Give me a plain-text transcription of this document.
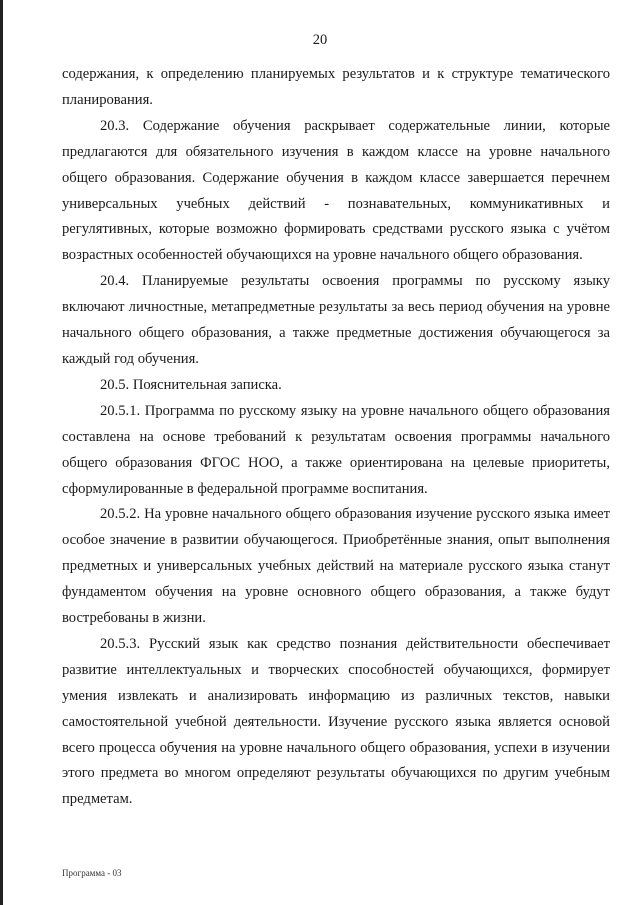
20

содержания, к определению планируемых результатов и к структуре тематического планирования.

20.3. Содержание обучения раскрывает содержательные линии, которые предлагаются для обязательного изучения в каждом классе на уровне начального общего образования. Содержание обучения в каждом классе завершается перечнем универсальных учебных действий - познавательных, коммуникативных и регулятивных, которые возможно формировать средствами русского языка с учётом возрастных особенностей обучающихся на уровне начального общего образования.

20.4. Планируемые результаты освоения программы по русскому языку включают личностные, метапредметные результаты за весь период обучения на уровне начального общего образования, а также предметные достижения обучающегося за каждый год обучения.

20.5. Пояснительная записка.

20.5.1. Программа по русскому языку на уровне начального общего образования составлена на основе требований к результатам освоения программы начального общего образования ФГОС НОО, а также ориентирована на целевые приоритеты, сформулированные в федеральной программе воспитания.

20.5.2. На уровне начального общего образования изучение русского языка имеет особое значение в развитии обучающегося. Приобретённые знания, опыт выполнения предметных и универсальных учебных действий на материале русского языка станут фундаментом обучения на уровне основного общего образования, а также будут востребованы в жизни.

20.5.3. Русский язык как средство познания действительности обеспечивает развитие интеллектуальных и творческих способностей обучающихся, формирует умения извлекать и анализировать информацию из различных текстов, навыки самостоятельной учебной деятельности. Изучение русского языка является основой всего процесса обучения на уровне начального общего образования, успехи в изучении этого предмета во многом определяют результаты обучающихся по другим учебным предметам.

Программа - 03
